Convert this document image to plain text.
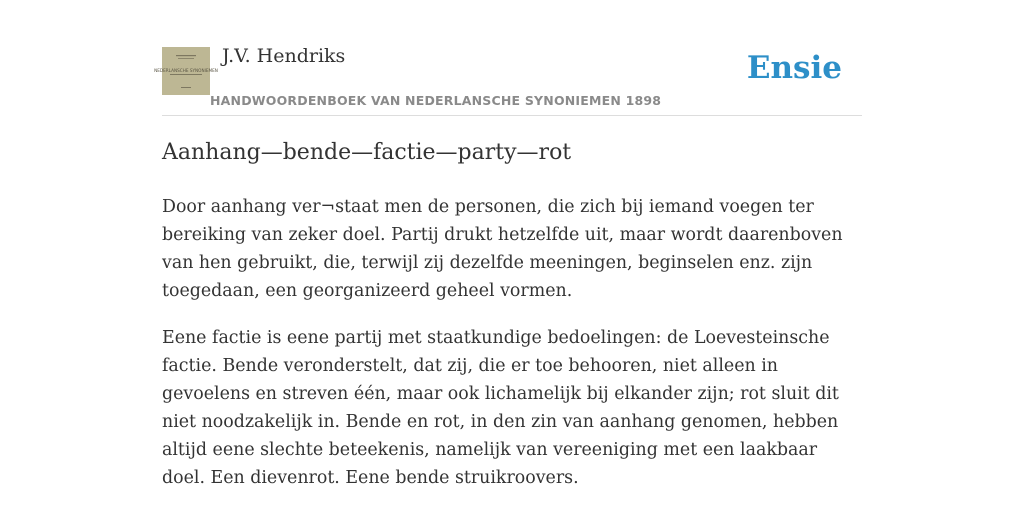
NEDERLANSCHE SYNONIEMEN
J.V. Hendriks
HANDWOORDENBOEK VAN NEDERLANSCHE SYNONIEMEN 1898
Ensie
Aanhang—bende—factie—party—rot

Door aanhang ver¬staat men de personen, die zich bij iemand voegen ter bereiking van zeker doel. Partij drukt hetzelfde uit, maar wordt daarenboven van hen gebruikt, die, terwijl zij dezelfde meeningen, beginselen enz. zijn toegedaan, een georganizeerd geheel vormen.

Eene factie is eene partij met staatkundige bedoelingen: de Loevesteinsche factie. Bende veronderstelt, dat zij, die er toe behooren, niet alleen in gevoelens en streven één, maar ook lichamelijk bij elkander zijn; rot sluit dit niet noodzakelijk in. Bende en rot, in den zin van aanhang genomen, hebben altijd eene slechte beteekenis, namelijk van vereeniging met een laakbaar doel. Een dievenrot. Eene bende struikroovers.
